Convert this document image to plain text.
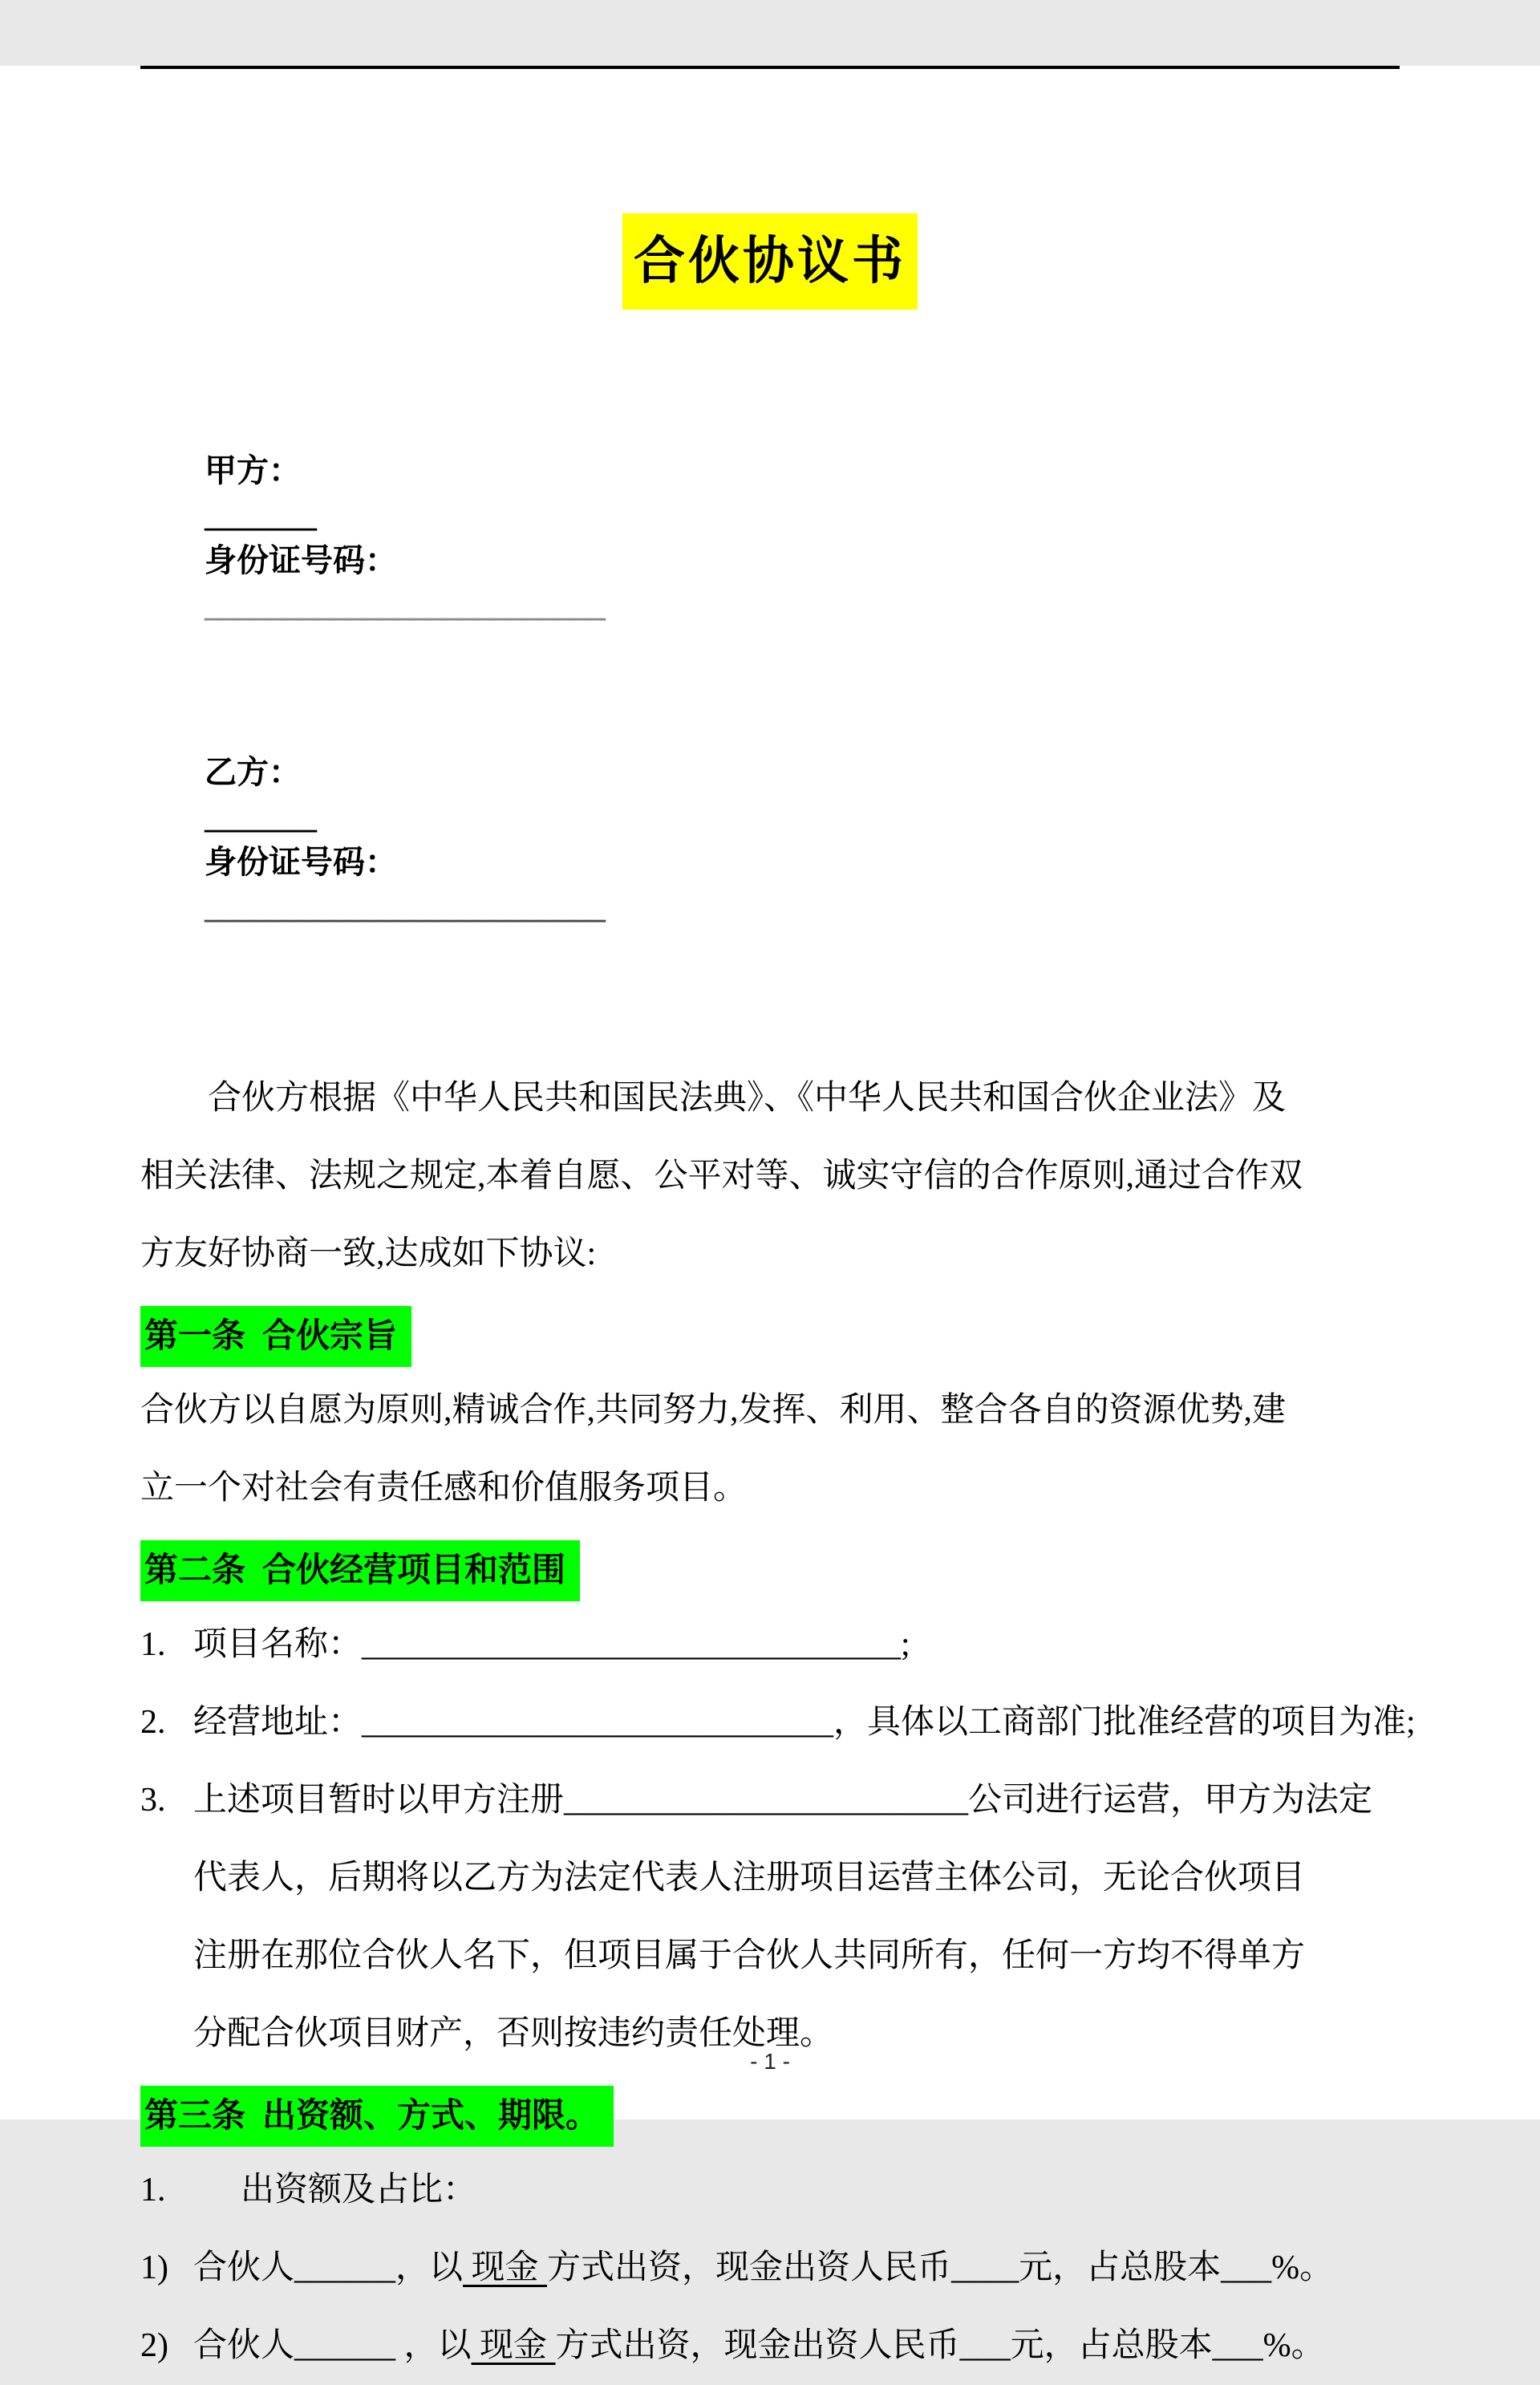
合伙协议书

甲方：
_______
身份证号码：
_________________________

乙方：
_______
身份证号码：
_________________________

合伙方根据《中华人民共和国民法典》、《中华人民共和国合伙企业法》及
相关法律、法规之规定,本着自愿、公平对等、诚实守信的合作原则,通过合作双
方友好协商一致,达成如下协议:
第一条  合伙宗旨
合伙方以自愿为原则,精诚合作,共同努力,发挥、利用、整合各自的资源优势,建
立一个对社会有责任感和价值服务项目。
第二条  合伙经营项目和范围
1. 项目名称：________________________________;
2. 经营地址：____________________________，具体以工商部门批准经营的项目为准;
3. 上述项目暂时以甲方注册________________________公司进行运营，甲方为法定
代表人，后期将以乙方为法定代表人注册项目运营主体公司，无论合伙项目
注册在那位合伙人名下，但项目属于合伙人共同所有，任何一方均不得单方
分配合伙项目财产，否则按违约责任处理。
第三条  出资额、方式、期限。
1. 出资额及占比：
1) 合伙人______，以 现金 方式出资，现金出资人民币____元，占总股本___%。
2) 合伙人______ ，以 现金 方式出资，现金出资人民币___元，占总股本___%。
- 1 -
